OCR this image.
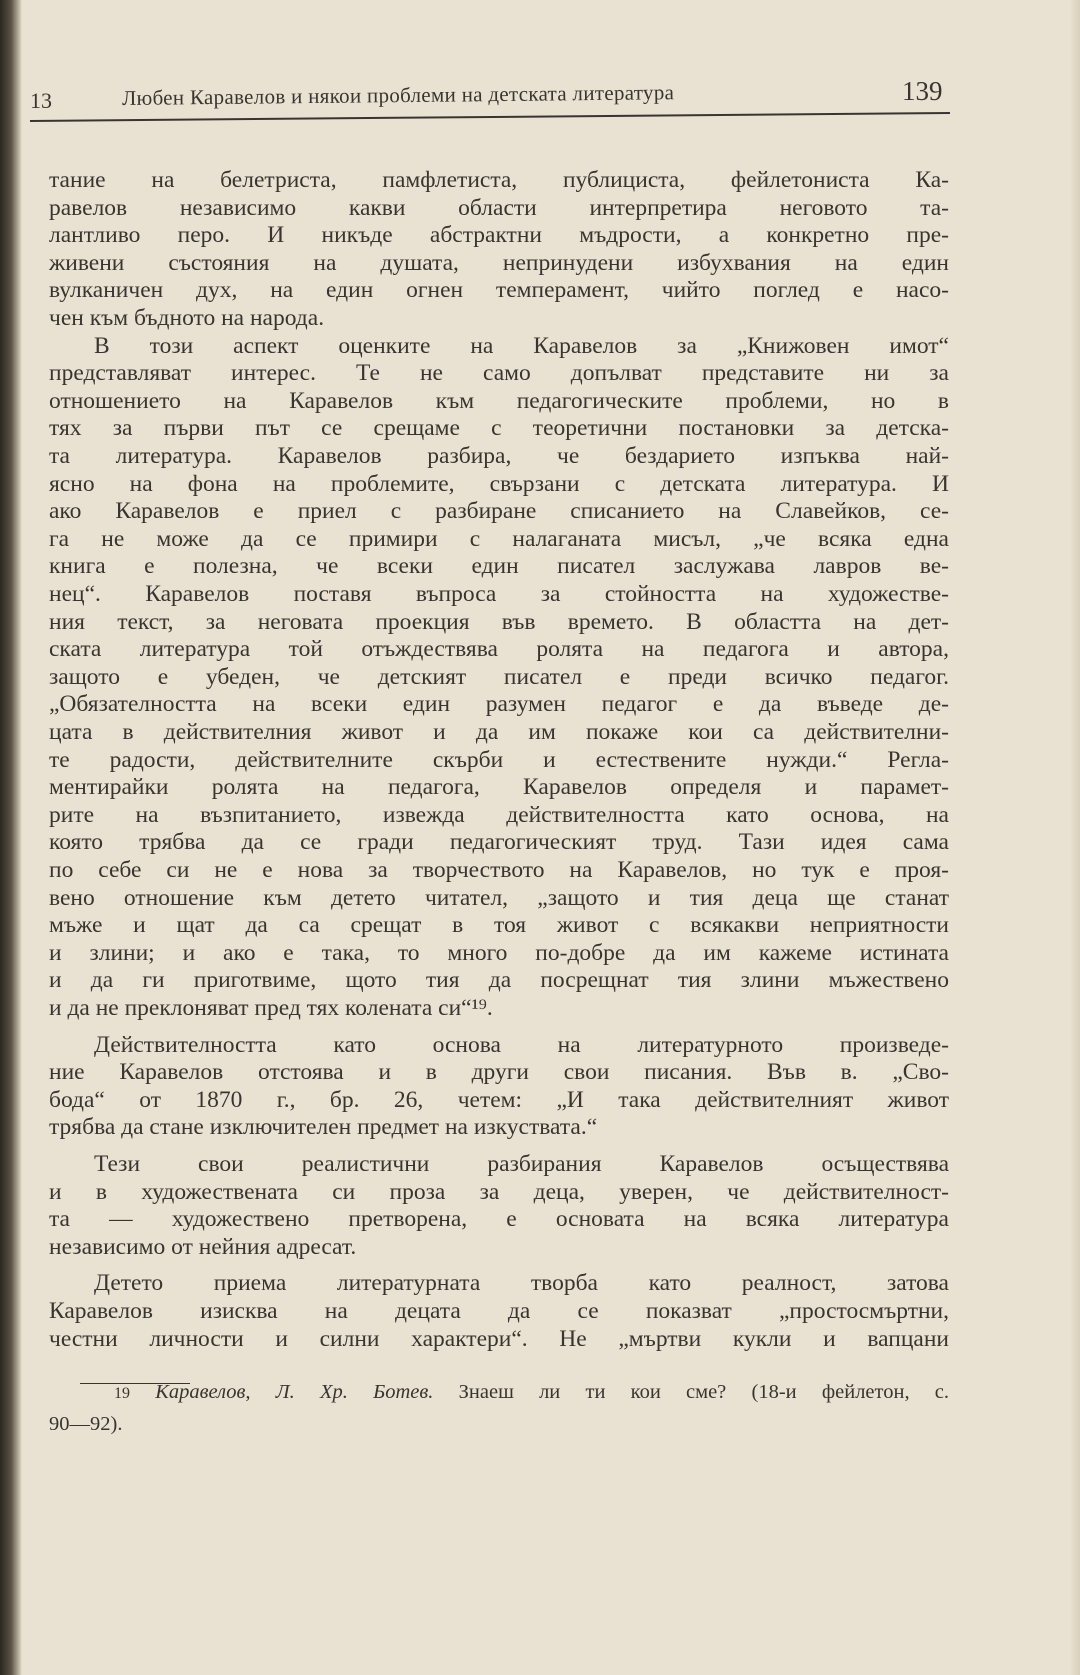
13	Любен Каравелов и някои проблеми на детската литература	139
тание на белетриста, памфлетиста, публициста, фейлетониста Ка-
равелов независимо какви области интерпретира неговото та-
лантливо перо. И никъде абстрактни мъдрости, а конкретно пре-
живени състояния на душата, непринудени избухвания на един
вулканичен дух, на един огнен темперамент, чийто поглед е насо-
чен към бъдното на народа.
В този аспект оценките на Каравелов за „Книжовен имот“
представляват интерес. Те не само допълват представите ни за
отношението на Каравелов към педагогическите проблеми, но в
тях за първи път се срещаме с теоретични постановки за детска-
та литература. Каравелов разбира, че бездарието изпъква най-
ясно на фона на проблемите, свързани с детската литература. И
ако Каравелов е приел с разбиране списанието на Славейков, се-
га не може да се примири с налаганата мисъл, „че всяка една
книга е полезна, че всеки един писател заслужава лавров ве-
нец“. Каравелов поставя въпроса за стойността на художестве-
ния текст, за неговата проекция във времето. В областта на дет-
ската литература той отъждествява ролята на педагога и автора,
защото е убеден, че детският писател е преди всичко педагог.
„Обязателността на всеки един разумен педагог е да въведе де-
цата в действителния живот и да им покаже кои са действителни-
те радости, действителните скърби и естествените нужди.“ Регла-
ментирайки ролята на педагога, Каравелов определя и парамет-
рите на възпитанието, извежда действителността като основа, на
която трябва да се гради педагогическият труд. Тази идея сама
по себе си не е нова за творчеството на Каравелов, но тук е проя-
вено отношение към детето читател, „защото и тия деца ще станат
мъже и щат да са срещат в тоя живот с всякакви неприятности
и злини; и ако е така, то много по-добре да им кажеме истината
и да ги приготвиме, щото тия да посрещнат тия злини мъжествено
и да не преклоняват пред тях колената си“¹⁹.
Действителността като основа на литературното произведе-
ние Каравелов отстоява и в други свои писания. Във в. „Сво-
бода“ от 1870 г., бр. 26, четем: „И така действителният живот
трябва да стане изключителен предмет на изкуствата.“
Тези свои реалистични разбирания Каравелов осъществява
и в художествената си проза за деца, уверен, че действителност-
та — художествено претворена, е основата на всяка литература
независимо от нейния адресат.
Детето приема литературната творба като реалност, затова
Каравелов изисква на децата да се показват „простосмъртни,
честни личности и силни характери“. Не „мъртви кукли и вапцани
19 Каравелов, Л. Хр. Ботев. Знаеш ли ти кои сме? (18-и фейлетон, с.
90—92).
